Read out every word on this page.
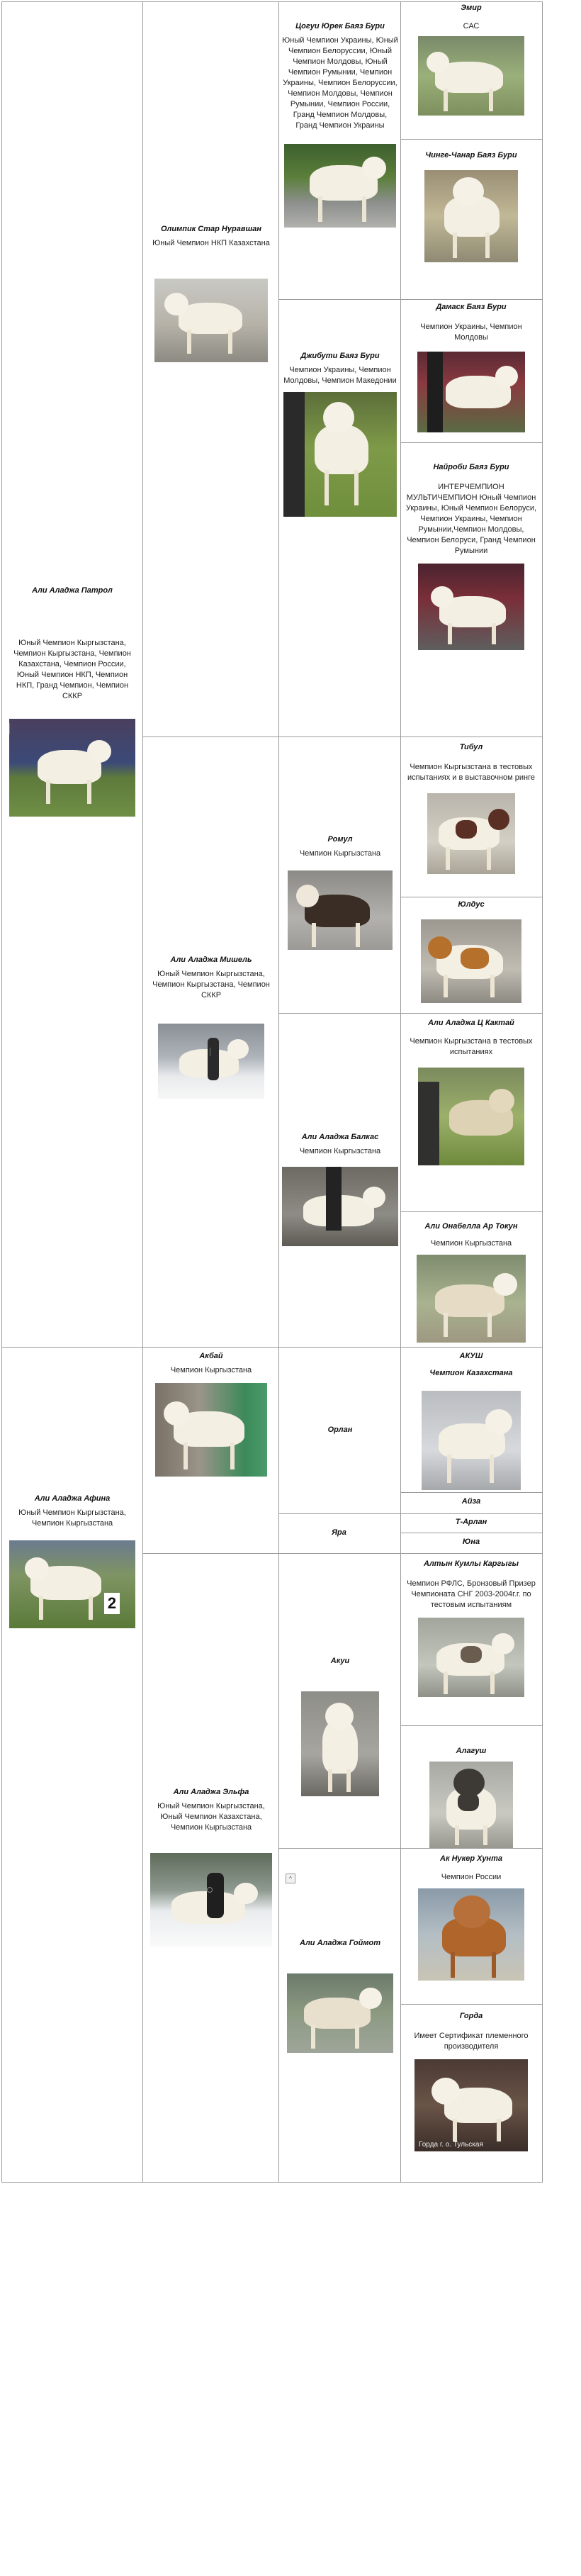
Али Аладжа Патрол
Юный Чемпион Кыргызстана, Чемпион Кыргызстана, Чемпион Казахстана, Чемпион России, Юный Чемпион НКП, Чемпион НКП, Гранд Чемпион, Чемпион СККР
Али Аладжа Афина
Юный Чемпион Кыргызстана, Чемпион Кыргызстана
2
Олимпик Стар Нуравшан
Юный Чемпион НКП Казахстана
Али Аладжа Мишель
Юный Чемпион Кыргызстана, Чемпион Кыргызстана, Чемпион СККР
Акбай
Чемпион Кыргызстана
Али Аладжа Эльфа
Юный Чемпион Кыргызстана, Юный Чемпион Казахстана, Чемпион Кыргызстана
Цогуи Юрек Баяз Бури
Юный Чемпион Украины, Юный Чемпион Белоруссии, Юный Чемпион Молдовы, Юный Чемпион Румынии, Чемпион Украины, Чемпион Белоруссии, Чемпион Молдовы, Чемпион Румынии, Чемпион России, Гранд Чемпион Молдовы, Гранд Чемпион Украины
Джибути Баяз Бури
Чемпион Украины, Чемпион Молдовы, Чемпион Македонии
Ромул
Чемпион Кыргызстана
Али Аладжа Балкас
Чемпион Кыргызстана
Орлан
Яра
Акуи
Али Аладжа Гоймот
Эмир
САС
Чинге-Чанар Баяз Бури
Дамаск Баяз Бури
Чемпион Украины, Чемпион Молдовы
Найроби Баяз Бури
ИНТЕРЧЕМПИОН МУЛЬТИЧЕМПИОН Юный Чемпион Украины, Юный Чемпион Белоруси, Чемпион Украины, Чемпион Румынии,Чемпион Молдовы, Чемпион Белоруси, Гранд Чемпион Румынии
Тибул
Чемпион Кыргызстана в тестовых испытаниях и в выставочном ринге
Юлдус
Али Аладжа Ц Кактай
Чемпион Кыргызстана в тестовых испытаниях
Али Онабелла Ар Токун
Чемпион Кыргызстана
АКУШ
Чемпион Казахстана
Айза
Т-Арлан
Юна
Алтын Кумлы Каргыгы
Чемпион РФЛС, Бронзовый Призер Чемпионата СНГ 2003-2004г.г. по тестовым испытаниям
Алагуш
Ак Нукер Хунта
Чемпион России
Горда
Имеет Сертификат племенного производителя
Горда г. о. Тульская
^
